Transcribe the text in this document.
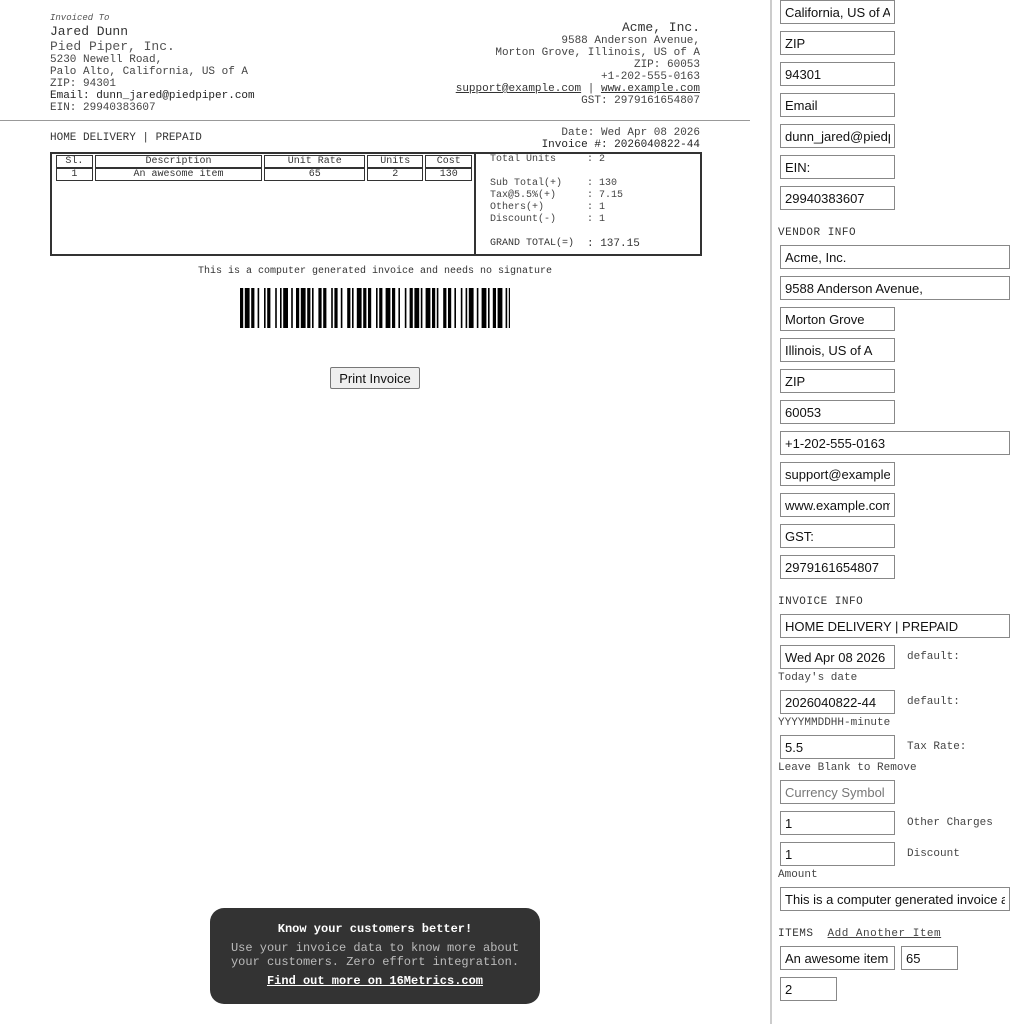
Invoiced To
Jared Dunn
Pied Piper, Inc.
5230 Newell Road,
Palo Alto, California, US of A
ZIP: 94301
Email: dunn_jared@piedpiper.com
EIN: 29940383607
Acme, Inc.
9588 Anderson Avenue,
Morton Grove, Illinois, US of A
ZIP: 60053
+1-202-555-0163
support@example.com | www.example.com
GST: 2979161654807
HOME DELIVERY | PREPAID	Date: Wed Apr 08 2026
Invoice #: 2026040822-44
Sl.	Description	Unit Rate	Units	Cost
1	An awesome item	65	2	130
Total Units	: 2
Sub Total(+) : 130
Tax@5.5%(+)	: 7.15
Others(+)	: 1
Discount(-)	: 1
GRAND TOTAL(=) : 137.15
This is a computer generated invoice and needs no signature
Print Invoice
Know your customers better!
Use your invoice data to know more about
your customers. Zero effort integration.
Find out more on 16Metrics.com
California, US of A
ZIP
94301
Email
dunn_jared@piedpiper.com
EIN:
29940383607
VENDOR INFO
Acme, Inc.
9588 Anderson Avenue,
Morton Grove
Illinois, US of A
ZIP
60053
+1-202-555-0163
support@example.com
www.example.com
GST:
2979161654807
INVOICE INFO
HOME DELIVERY | PREPAID
Wed Apr 08 2026
default:
Today's date
2026040822-44
default:
YYYYMMDDHH-minute
5.5
Tax Rate:
Leave Blank to Remove
Currency Symbol
1
Other Charges
1
Discount
Amount
This is a computer generated invoice and needs no signature
ITEMS Add Another Item
An awesome item
65
2
